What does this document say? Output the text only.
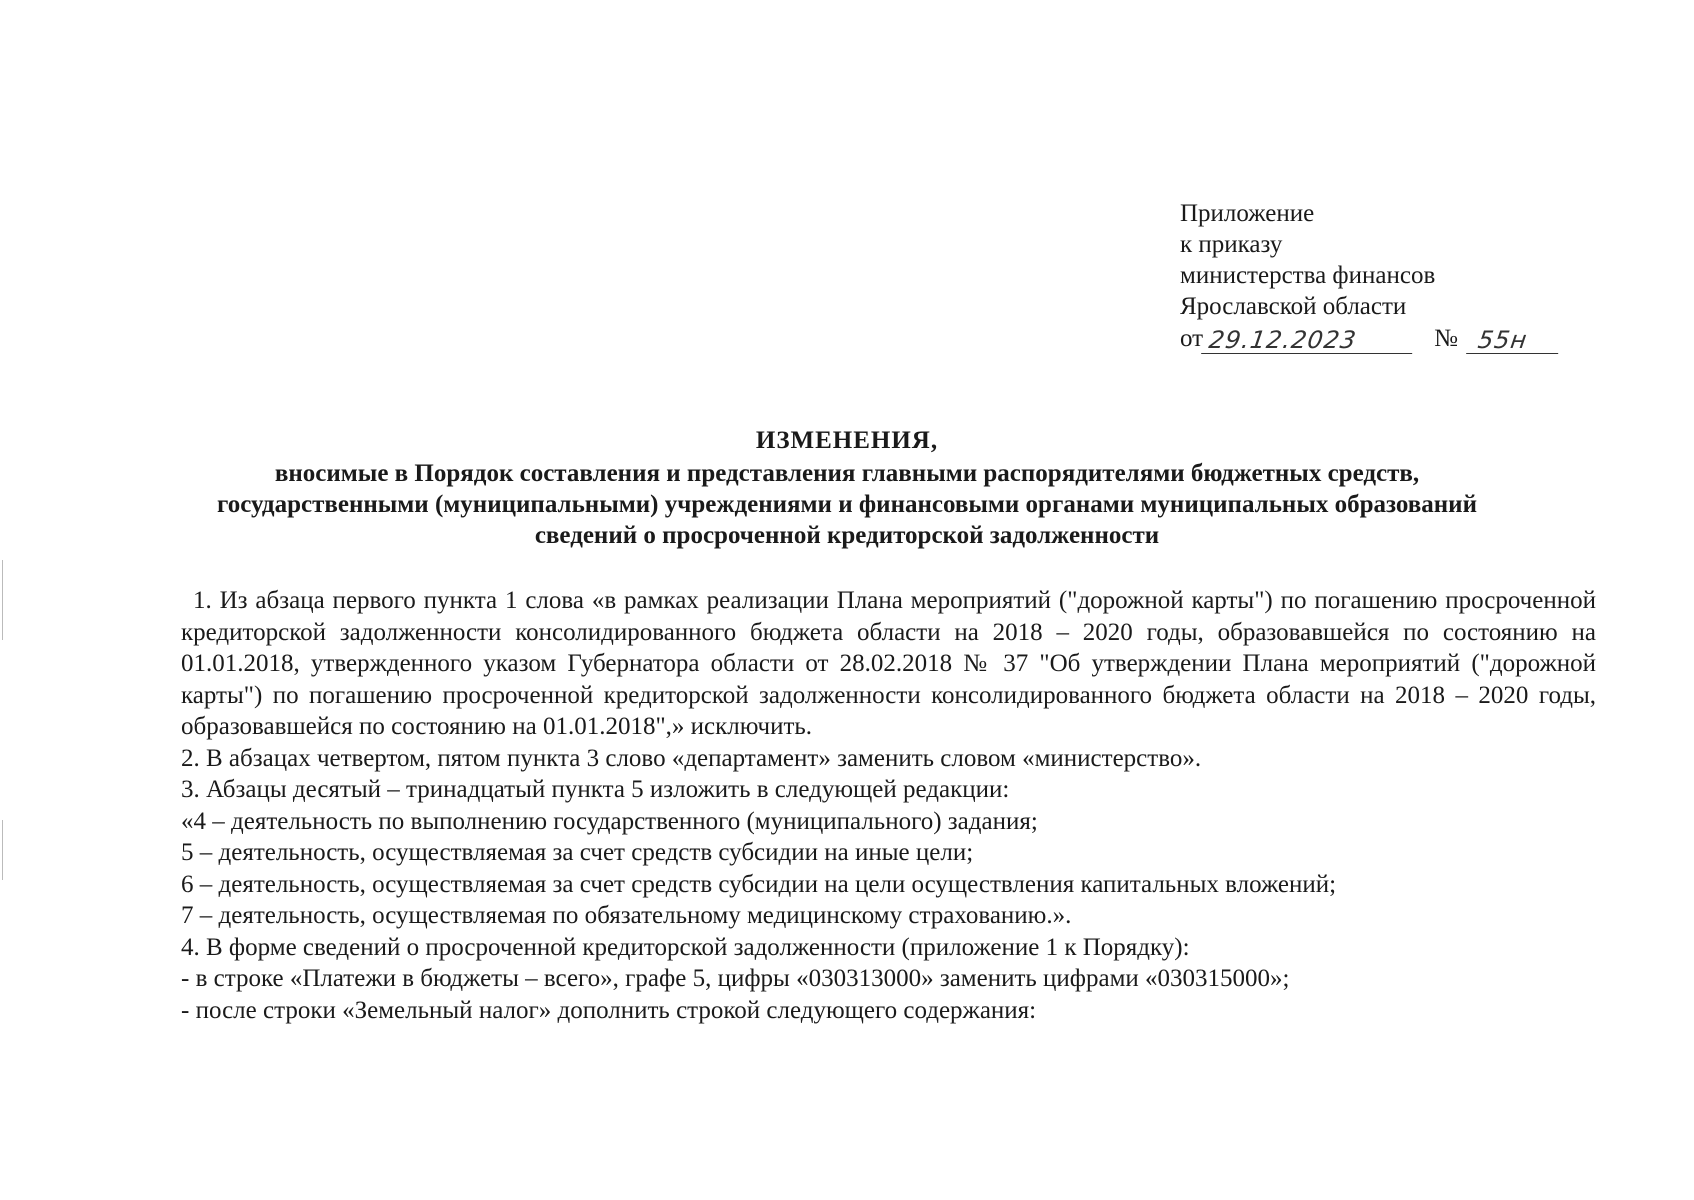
Приложение
к приказу
министерства финансов
Ярославской области
от 29.12.2023	№ 55н
ИЗМЕНЕНИЯ,
вносимые в Порядок составления и представления главными распорядителями бюджетных средств,
государственными (муниципальными) учреждениями и финансовыми органами муниципальных образований
сведений о просроченной кредиторской задолженности
1. Из абзаца первого пункта 1 слова «в рамках реализации Плана мероприятий ("дорожной карты") по погашению просроченной кредиторской задолженности консолидированного бюджета области на 2018 – 2020 годы, образовавшейся по состоянию на 01.01.2018, утвержденного указом Губернатора области от 28.02.2018 № 37 "Об утверждении Плана мероприятий ("дорожной карты") по погашению просроченной кредиторской задолженности консолидированного бюджета области на 2018 – 2020 годы, образовавшейся по состоянию на 01.01.2018",» исключить.
2. В абзацах четвертом, пятом пункта 3 слово «департамент» заменить словом «министерство».
3. Абзацы десятый – тринадцатый пункта 5 изложить в следующей редакции:
«4 – деятельность по выполнению государственного (муниципального) задания;
5 – деятельность, осуществляемая за счет средств субсидии на иные цели;
6 – деятельность, осуществляемая за счет средств субсидии на цели осуществления капитальных вложений;
7 – деятельность, осуществляемая по обязательному медицинскому страхованию.».
4. В форме сведений о просроченной кредиторской задолженности (приложение 1 к Порядку):
- в строке «Платежи в бюджеты – всего», графе 5, цифры «030313000» заменить цифрами «030315000»;
- после строки «Земельный налог» дополнить строкой следующего содержания:
